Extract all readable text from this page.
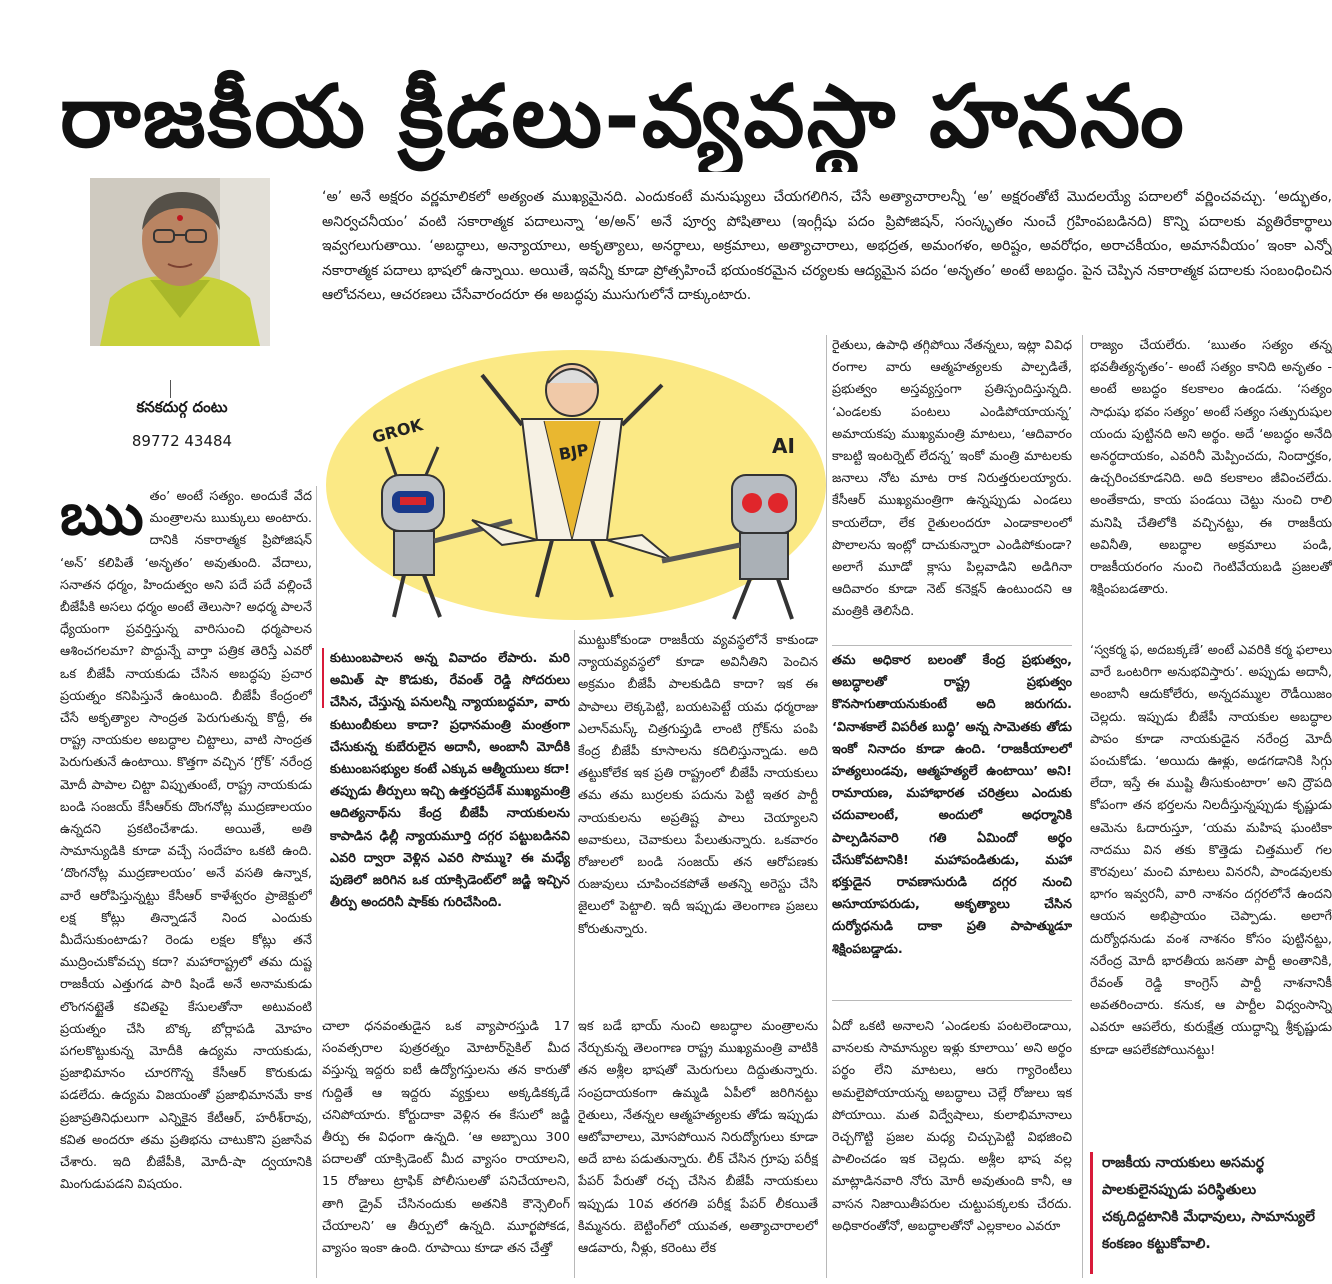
రాజకీయ క్రీడలు-వ్యవస్థా హననం
కనకదుర్గ దంటు
89772 43484
‘అ’ అనే అక్షరం వర్ణమాలికలో అత్యంత ముఖ్యమైనది. ఎందుకంటే మనుష్యులు చేయగలిగిన, చేసే అత్యాచారాలన్నీ ‘అ’ అక్షరంతోటే మొదలయ్యే పదాలలో వర్ణించవచ్చు. ‘అద్భుతం, అనిర్వచనీయం’ వంటి సకారాత్మక పదాలున్నా ‘అ/అన్’ అనే పూర్వ పోషితాలు (ఇంగ్లీషు పదం ప్రిపోజిషన్, సంస్కృతం నుంచే గ్రహింపబడినది) కొన్ని పదాలకు వ్యతిరేకార్థాలు ఇవ్వగలుగుతాయి. ‘అబద్ధాలు, అన్యాయాలు, అకృత్యాలు, అనర్థాలు, అక్రమాలు, అత్యాచారాలు, అభద్రత, అమంగళం, అరిష్టం, అవరోధం, అరాచకీయం, అమానవీయం’ ఇంకా ఎన్నో నకారాత్మక పదాలు భాషలో ఉన్నాయి. అయితే, ఇవన్నీ కూడా ప్రోత్సహించే భయంకరమైన చర్యలకు ఆద్యమైన పదం ‘అనృతం’ అంటే అబద్ధం. పైన చెప్పిన నకారాత్మక పదాలకు సంబంధించిన ఆలోచనలు, ఆచరణలు చేసేవారందరూ ఈ అబద్ధపు ముసుగులోనే దాక్కుంటారు.
GROK
BJP	AI
ఋతం’ అంటే సత్యం. అందుకే వేద మంత్రాలను ఋక్కులు అంటారు. దానికి నకారాత్మక ప్రిపోజిషన్ ‘అన్’ కలిపితే ‘అనృతం’ అవుతుంది. వేదాలు, సనాతన ధర్మం, హిందుత్వం అని పదే పదే వల్లించే బీజేపీకి అసలు ధర్మం అంటే తెలుసా? అధర్మ పాలనే ధ్యేయంగా ప్రవర్తిస్తున్న వారిసుంచి ధర్మపాలన ఆశించగలమా? పొద్దున్నే వార్తా పత్రిక తెరిస్తే ఎవరో ఒక బీజేపీ నాయకుడు చేసిన అబద్ధపు ప్రచార ప్రయత్నం కనిపిస్తునే ఉంటుంది. బీజేపీ కేంద్రంలో చేసే అకృత్యాల సాంద్రత పెరుగుతున్న కొద్దీ, ఈ రాష్ట్ర నాయకుల అబద్ధాల చిట్టాలు, వాటి సాంద్రత పెరుగుతునే ఉంటాయి. కొత్తగా వచ్చిన ‘గ్రోక్’ నరేంద్ర మోదీ పాపాల చిట్టా విప్పుతుంటే, రాష్ట్ర నాయకుడు బండి సంజయ్ కేసీఆర్‌కు దొంగనోట్ల ముద్రణాలయం ఉన్నదని ప్రకటించేశాడు. అయితే, అతి సామాన్యుడికి కూడా వచ్చే సందేహం ఒకటి ఉంది. ‘దొంగనోట్ల ముద్రణాలయం’ అనే వసతి ఉన్నాక, వారే ఆరోపిస్తున్నట్టు కేసీఆర్ కాళేశ్వరం ప్రాజెక్టులో లక్ష కోట్లు తిన్నాడనే నింద ఎందుకు మీదేసుకుంటాడు? రెండు లక్షల కోట్లు తనే ముద్రించుకోవచ్చు కదా? మహారాష్ట్రలో తమ దుష్ట రాజకీయ ఎత్తుగడ పారి షిండే అనే అనామకుడు లొంగనట్టైతే కవితపై కేసులతోనా అటువంటి ప్రయత్నం చేసి బొక్క బోర్లాపడి మోహం పగలకొట్టుకున్న మోదీకి ఉద్యమ నాయకుడు, ప్రజాభిమానం చూరగొన్న కేసీఆర్ కొరుకుడు పడలేదు. ఉద్యమ విజయంతో ప్రజాభిమానమే కాక ప్రజాప్రతినిధులుగా ఎన్నికైన కేటీఆర్, హరీశ్‌రావు, కవిత అందరూ తమ ప్రతిభను చాటుకొని ప్రజాసేవ చేశారు. ఇది బీజేపీకి, మోదీ-షా ద్వయానికి మింగుడుపడని విషయం.
కుటుంబపాలన అన్న వివాదం లేపారు. మరి అమిత్ షా కొడుకు, రేవంత్ రెడ్డి సోదరులు చేసిన, చేస్తున్న పనులన్నీ న్యాయబద్ధమా, వారు కుటుంబీకులు కాదా? ప్రధానమంత్రి మంత్రంగా చేసుకున్న కుబేరులైన అదానీ, అంబానీ మోదీకి కుటుంబసభ్యుల కంటే ఎక్కువ ఆత్మీయులు కదా! తప్పుడు తీర్పులు ఇచ్చి ఉత్తరప్రదేశ్ ముఖ్యమంత్రి ఆదిత్యనాథ్‌ను కేంద్ర బీజేపీ నాయకులను కాపాడిన ఢిల్లీ న్యాయమూర్తి దగ్గర పట్టుబడినవి ఎవరి ద్వారా వెళ్లిన ఎవరి సొమ్ము? ఈ మధ్యే పుణెలో జరిగిన ఒక యాక్సిడెంట్‌లో జడ్జి ఇచ్చిన తీర్పు అందరినీ షాక్‌కు గురిచేసింది.
చాలా ధనవంతుడైన ఒక వ్యాపారస్తుడి 17 సంవత్సరాల పుత్రరత్నం మోటార్‌సైకిల్ మీద వస్తున్న ఇద్దరు ఐటీ ఉద్యోగస్తులను తన కారుతో గుద్దితే ఆ ఇద్దరు వ్యక్తులు అక్కడికక్కడే చనిపోయారు. కోర్టుదాకా వెళ్లిన ఈ కేసులో జడ్జి తీర్పు ఈ విధంగా ఉన్నది. ‘ఆ అబ్బాయి 300 పదాలతో యాక్సిడెంట్ మీద వ్యాసం రాయాలని, 15 రోజులు ట్రాఫిక్ పోలీసులతో పనిచేయాలని, తాగి డ్రైవ్ చేసినందుకు అతనికి కౌన్సెలింగ్ చేయాలని’ ఆ తీర్పులో ఉన్నది. మూర్ఖపోకడ, వ్యాసం ఇంకా ఉంది. రూపాయి కూడా తన చేత్తో
ముట్టుకోకుండా రాజకీయ వ్యవస్థలోనే కాకుండా న్యాయవ్యవస్థలో కూడా అవినీతిని పెంచిన అక్రమం బీజేపీ పాలకుడిది కాదా? ఇక ఈ పాపాలు లెక్కపెట్టి, బయటపెట్టే యమ ధర్మరాజు ఎలాన్‌మస్క్ చిత్రగుప్తుడి లాంటి గ్రోక్‌ను పంపి కేంద్ర బీజేపీ కూసాలను కదిలిస్తున్నాడు. అది తట్టుకోలేక ఇక ప్రతి రాష్ట్రంలో బీజేపీ నాయకులు తమ తమ బుర్రలకు పదును పెట్టి ఇతర పార్టీ నాయకులను అప్రతిష్ట పాలు చెయ్యాలని అవాకులు, చెవాకులు పేలుతున్నారు. ఒకవారం రోజులలో బండి సంజయ్ తన ఆరోపణకు రుజువులు చూపించకపోతే అతన్ని అరెస్టు చేసి జైలులో పెట్టాలి. ఇదీ ఇప్పుడు తెలంగాణ ప్రజలు కోరుతున్నారు.
ఇక బడే భాయ్ నుంచి అబద్ధాల మంత్రాలను నేర్చుకున్న తెలంగాణ రాష్ట్ర ముఖ్యమంత్రి వాటికి తన అశ్లీల భాషతో మెరుగులు దిద్దుతున్నారు. సంప్రదాయకంగా ఉమ్మడి ఏపీలో జరిగినట్టు రైతులు, నేతన్నల ఆత్మహత్యలకు తోడు ఇప్పుడు ఆటోవాలాలు, మోసపోయిన నిరుద్యోగులు కూడా అదే బాట పడుతున్నారు. లీక్ చేసిన గ్రూపు పరీక్ష పేపర్ పేరుతో రచ్చ చేసిన బీజేపీ నాయకులు ఇప్పుడు 10వ తరగతి పరీక్ష పేపర్ లీకయితే కిమ్మనరు. బెట్టింగ్‌లో యువత, అత్యాచారాలలో ఆడవారు, నీళ్లు, కరెంటు లేక
రైతులు, ఉపాధి తగ్గిపోయి నేతన్నలు, ఇట్లా వివిధ రంగాల వారు ఆత్మహత్యలకు పాల్పడితే, ప్రభుత్వం అస్తవ్యస్తంగా ప్రతిస్పందిస్తున్నది. ‘ఎండలకు పంటలు ఎండిపోయాయన్న’ అమాయకపు ముఖ్యమంత్రి మాటలు, ‘ఆదివారం కాబట్టి ఇంటర్నెట్ లేదన్న’ ఇంకో మంత్రి మాటలకు జనాలు నోట మాట రాక నిరుత్తరులయ్యారు. కేసీఆర్ ముఖ్యమంత్రిగా ఉన్నప్పుడు ఎండలు కాయలేదా, లేక రైతులందరూ ఎండాకాలంలో పొలాలను ఇంట్లో దాచుకున్నారా ఎండిపోకుండా? అలాగే మూడో క్లాసు పిల్లవాడిని అడిగినా ఆదివారం కూడా నెట్ కనెక్షన్ ఉంటుందని ఆ మంత్రికి తెలిసేది.
తమ అధికార బలంతో కేంద్ర ప్రభుత్వం, అబద్ధాలతో రాష్ట్ర ప్రభుత్వం కొనసాగుతాయనుకుంటే అది జరుగదు. ‘వినాశకాలే విపరీత బుద్ధి’ అన్న సామెతకు తోడు ఇంకో నినాదం కూడా ఉంది. ‘రాజకీయాలలో హత్యలుండవు, ఆత్మహత్యలే ఉంటాయి’ అని! రామాయణ, మహాభారత చరిత్రలు ఎందుకు చదువాలంటే, అందులో అధర్మానికి పాల్పడినవారి గతి ఏమిందో అర్థం చేసుకోవటానికి! మహాపండితుడు, మహా భక్తుడైన రావణాసురుడి దగ్గర నుంచి అసూయాపరుడు, అకృత్యాలు చేసిన దుర్యోధనుడి దాకా ప్రతి పాపాత్ముడూ శిక్షింపబడ్డాడు.
ఏదో ఒకటి అనాలని ‘ఎండలకు పంటలెండాయి, వానలకు సామాన్యుల ఇళ్లు కూలాయి’ అని అర్థం పర్థం లేని మాటలు, ఆరు గ్యారెంటీలు అమలైపోయాయన్న అబద్ధాలు చెల్లే రోజులు ఇక పోయాయి. మత విద్వేషాలు, కులాభిమానాలు రెచ్చగొట్టి ప్రజల మధ్య చిచ్చుపెట్టి విభజించి పాలించడం ఇక చెల్లదు. అశ్లీల భాష వల్ల మాట్లాడినవారి నోరు మోరీ అవుతుంది కానీ, ఆ వాసన నిజాయితీపరుల చుట్టుపక్కలకు చేరదు. అధికారంతోనో, అబద్ధాలతోనో ఎల్లకాలం ఎవరూ
రాజ్యం చేయలేరు. ‘ఋతం సత్యం తన్న భవతీత్యనృతం’- అంటే సత్యం కానిది అనృతం - అంటే అబద్ధం కలకాలం ఉండదు. ‘సత్యం సాధుషు భవం సత్యం’ అంటే సత్యం సత్పురుషుల యందు పుట్టినది అని అర్థం. అదే ‘అబద్ధం అనేది అనర్థదాయకం, ఎవరినీ మెప్పించదు, నిందార్హకం, ఉచ్చరించకూడనిది. అది కలకాలం జీవించలేదు. అంతేకాదు, కాయ పండయి చెట్టు నుంచి రాలి మనిషి చేతిలోకి వచ్చినట్టు, ఈ రాజకీయ అవినీతి, అబద్ధాల అక్రమాలు పండి, రాజకీయరంగం నుంచి గెంటివేయబడి ప్రజలతో శిక్షింపబడతారు.
‘స్వకర్మ ఫ, అదబక్కణే’ అంటే ఎవరికి కర్మ ఫలాలు వారే ఒంటరిగా అనుభవిస్తారు’. అప్పుడు అదానీ, అంబానీ ఆదుకోలేరు, అన్నదమ్ముల రౌడీయిజం చెల్లదు. ఇప్పుడు బీజేపీ నాయకుల అబద్ధాల పాపం కూడా నాయకుడైన నరేంద్ర మోదీ పంచుకోడు. ‘అయిదు ఊళ్లు, అడగడానికి సిగ్గు లేదా, ఇస్తే ఈ ముష్టి తీసుకుంటారా’ అని ద్రౌపది కోపంగా తన భర్తలను నిలదీస్తున్నప్పుడు కృష్ణుడు ఆమెను ఓదారుస్తూ, ‘యమ మహిష ఘంటికా నాదము విన తకు కొత్తెడు చిత్తముల్ గల కౌరవులు’ మంచి మాటలు వినరనీ, పాండవులకు భాగం ఇవ్వరనీ, వారి నాశనం దగ్గరలోనే ఉందని ఆయన అభిప్రాయం చెప్పాడు. అలాగే దుర్యోధనుడు వంశ నాశనం కోసం పుట్టినట్టు, నరేంద్ర మోదీ భారతీయ జనతా పార్టీ అంతానికి, రేవంత్ రెడ్డి కాంగ్రెస్ పార్టీ నాశనానికీ అవతరించారు. కనుక, ఆ పార్టీల విధ్వంసాన్ని ఎవరూ ఆపలేరు, కురుక్షేత్ర యుద్ధాన్ని శ్రీకృష్ణుడు కూడా ఆపలేకపోయినట్టు!
రాజకీయ నాయకులు అసమర్థ పాలకులైనప్పుడు పరిస్థితులు చక్కదిద్దటానికి మేధావులు, సామాన్యులే కంకణం కట్టుకోవాలి.
